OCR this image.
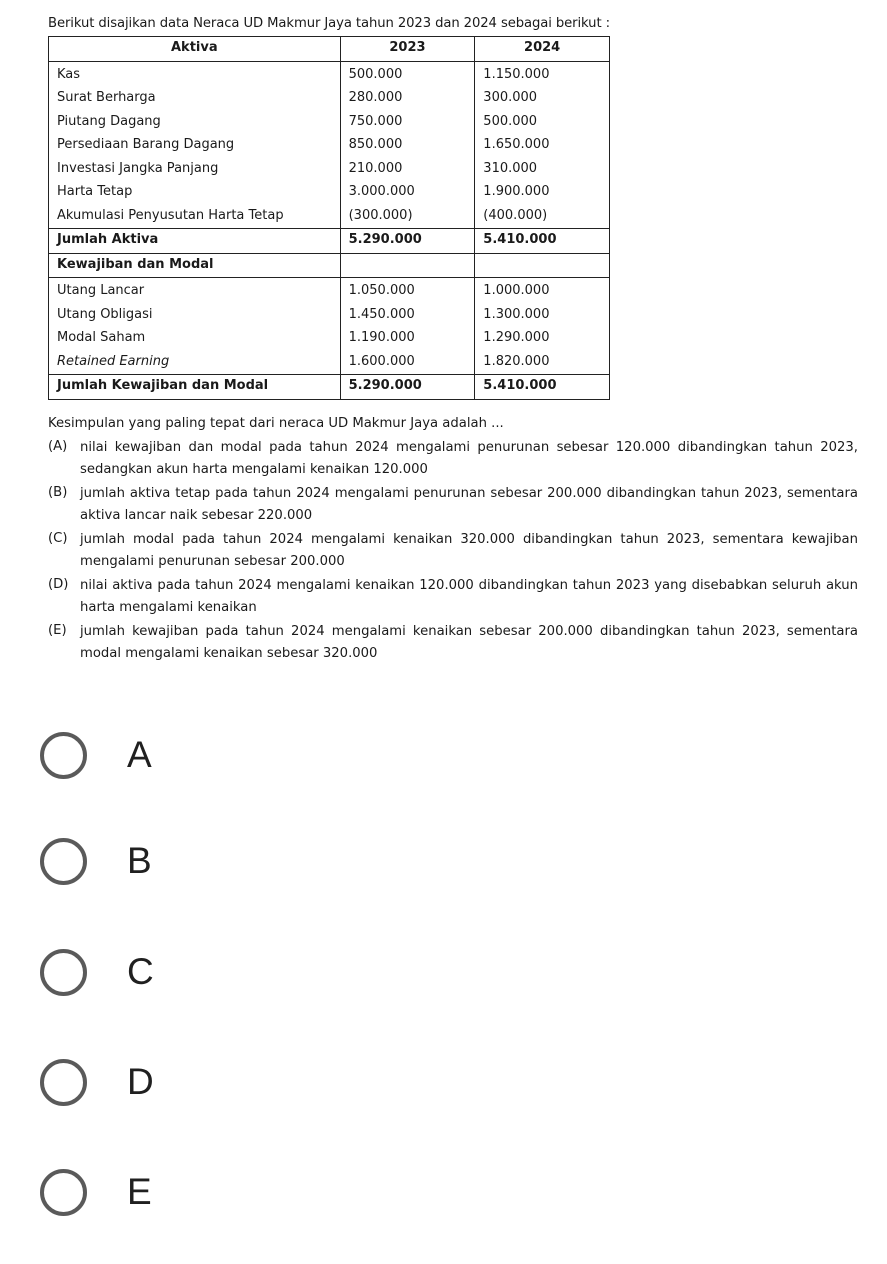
Berikut disajikan data Neraca UD Makmur Jaya tahun 2023 dan 2024 sebagai berikut :

Aktiva	2023	2024
Kas	500.000	1.150.000
Surat Berharga	280.000	300.000
Piutang Dagang	750.000	500.000
Persediaan Barang Dagang	850.000	1.650.000
Investasi Jangka Panjang	210.000	310.000
Harta Tetap	3.000.000	1.900.000
Akumulasi Penyusutan Harta Tetap	(300.000)	(400.000)
Jumlah Aktiva	5.290.000	5.410.000
Kewajiban dan Modal		
Utang Lancar	1.050.000	1.000.000
Utang Obligasi	1.450.000	1.300.000
Modal Saham	1.190.000	1.290.000
Retained Earning	1.600.000	1.820.000
Jumlah Kewajiban dan Modal	5.290.000	5.410.000

Kesimpulan yang paling tepat dari neraca UD Makmur Jaya adalah ...

(A) nilai kewajiban dan modal pada tahun 2024 mengalami penurunan sebesar 120.000 dibandingkan tahun 2023, sedangkan akun harta mengalami kenaikan 120.000
(B) jumlah aktiva tetap pada tahun 2024 mengalami penurunan sebesar 200.000 dibandingkan tahun 2023, sementara aktiva lancar naik sebesar 220.000
(C) jumlah modal pada tahun 2024 mengalami kenaikan 320.000 dibandingkan tahun 2023, sementara kewajiban mengalami penurunan sebesar 200.000
(D) nilai aktiva pada tahun 2024 mengalami kenaikan 120.000 dibandingkan tahun 2023 yang disebabkan seluruh akun harta mengalami kenaikan
(E)	jumlah kewajiban pada tahun 2024 mengalami kenaikan sebesar 200.000 dibandingkan tahun 2023, sementara modal mengalami kenaikan sebesar 320.000
A
B
C
D
E
